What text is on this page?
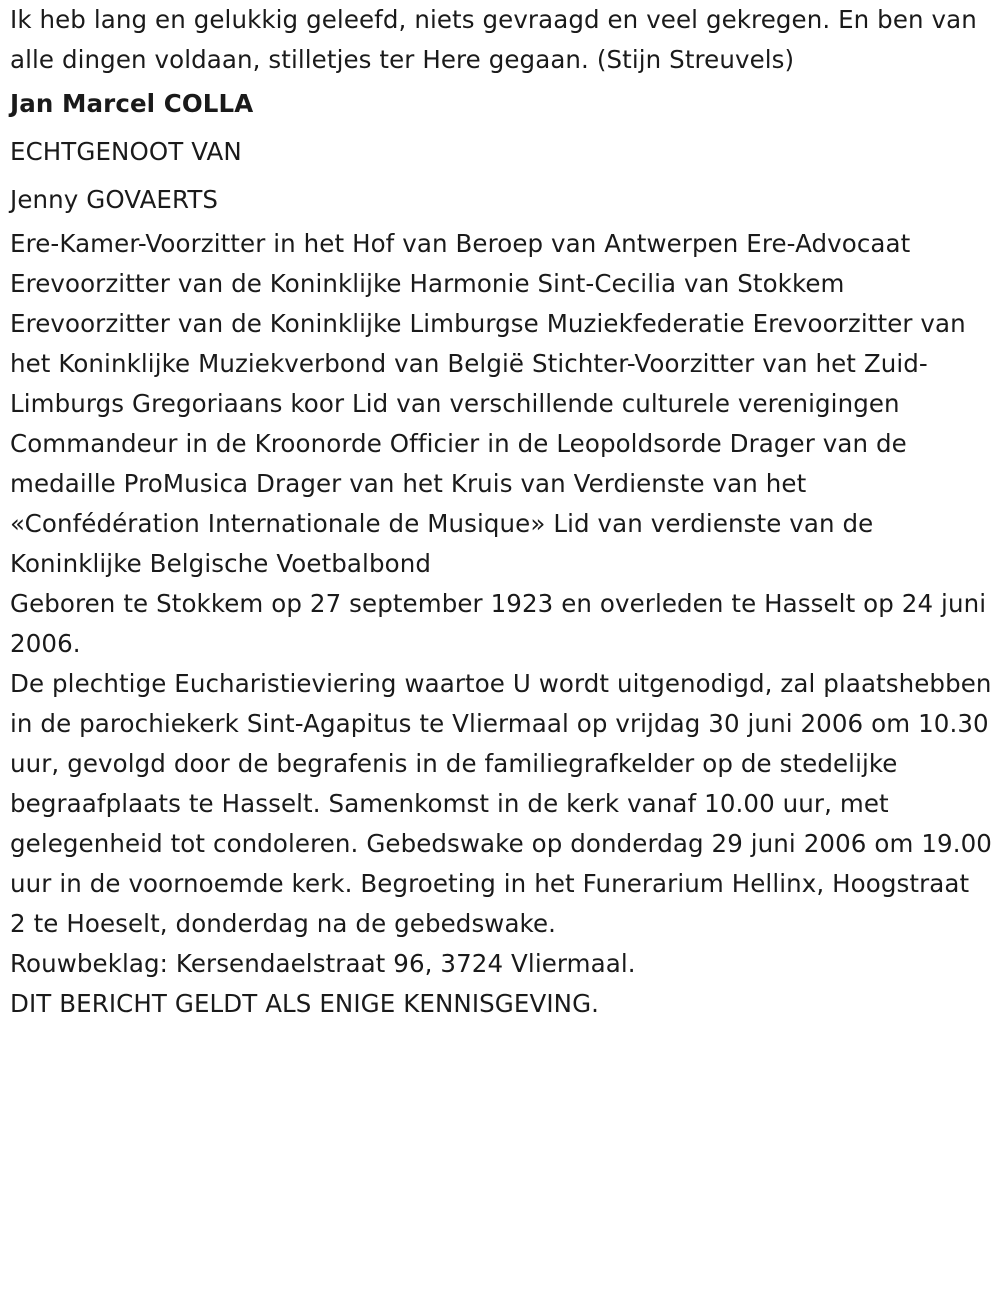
Ik heb lang en gelukkig geleefd, niets gevraagd en veel gekregen. En ben van alle dingen voldaan, stilletjes ter Here gegaan. (Stijn Streuvels)

Jan Marcel COLLA

ECHTGENOOT VAN

Jenny GOVAERTS

Ere-Kamer-Voorzitter in het Hof van Beroep van Antwerpen Ere-Advocaat Erevoorzitter van de Koninklijke Harmonie Sint-Cecilia van Stokkem Erevoorzitter van de Koninklijke Limburgse Muziekfederatie Erevoorzitter van het Koninklijke Muziekverbond van België Stichter-Voorzitter van het Zuid-Limburgs Gregoriaans koor Lid van verschillende culturele verenigingen Commandeur in de Kroonorde Officier in de Leopoldsorde Drager van de medaille ProMusica Drager van het Kruis van Verdienste van het «Confédération Internationale de Musique» Lid van verdienste van de Koninklijke Belgische Voetbalbond

Geboren te Stokkem op 27 september 1923 en overleden te Hasselt op 24 juni 2006.

De plechtige Eucharistieviering waartoe U wordt uitgenodigd, zal plaatshebben in de parochiekerk Sint-Agapitus te Vliermaal op vrijdag 30 juni 2006 om 10.30 uur, gevolgd door de begrafenis in de familiegrafkelder op de stedelijke begraafplaats te Hasselt. Samenkomst in de kerk vanaf 10.00 uur, met gelegenheid tot condoleren. Gebedswake op donderdag 29 juni 2006 om 19.00 uur in de voornoemde kerk. Begroeting in het Funerarium Hellinx, Hoogstraat 2 te Hoeselt, donderdag na de gebedswake.

Rouwbeklag: Kersendaelstraat 96, 3724 Vliermaal.

DIT BERICHT GELDT ALS ENIGE KENNISGEVING.
